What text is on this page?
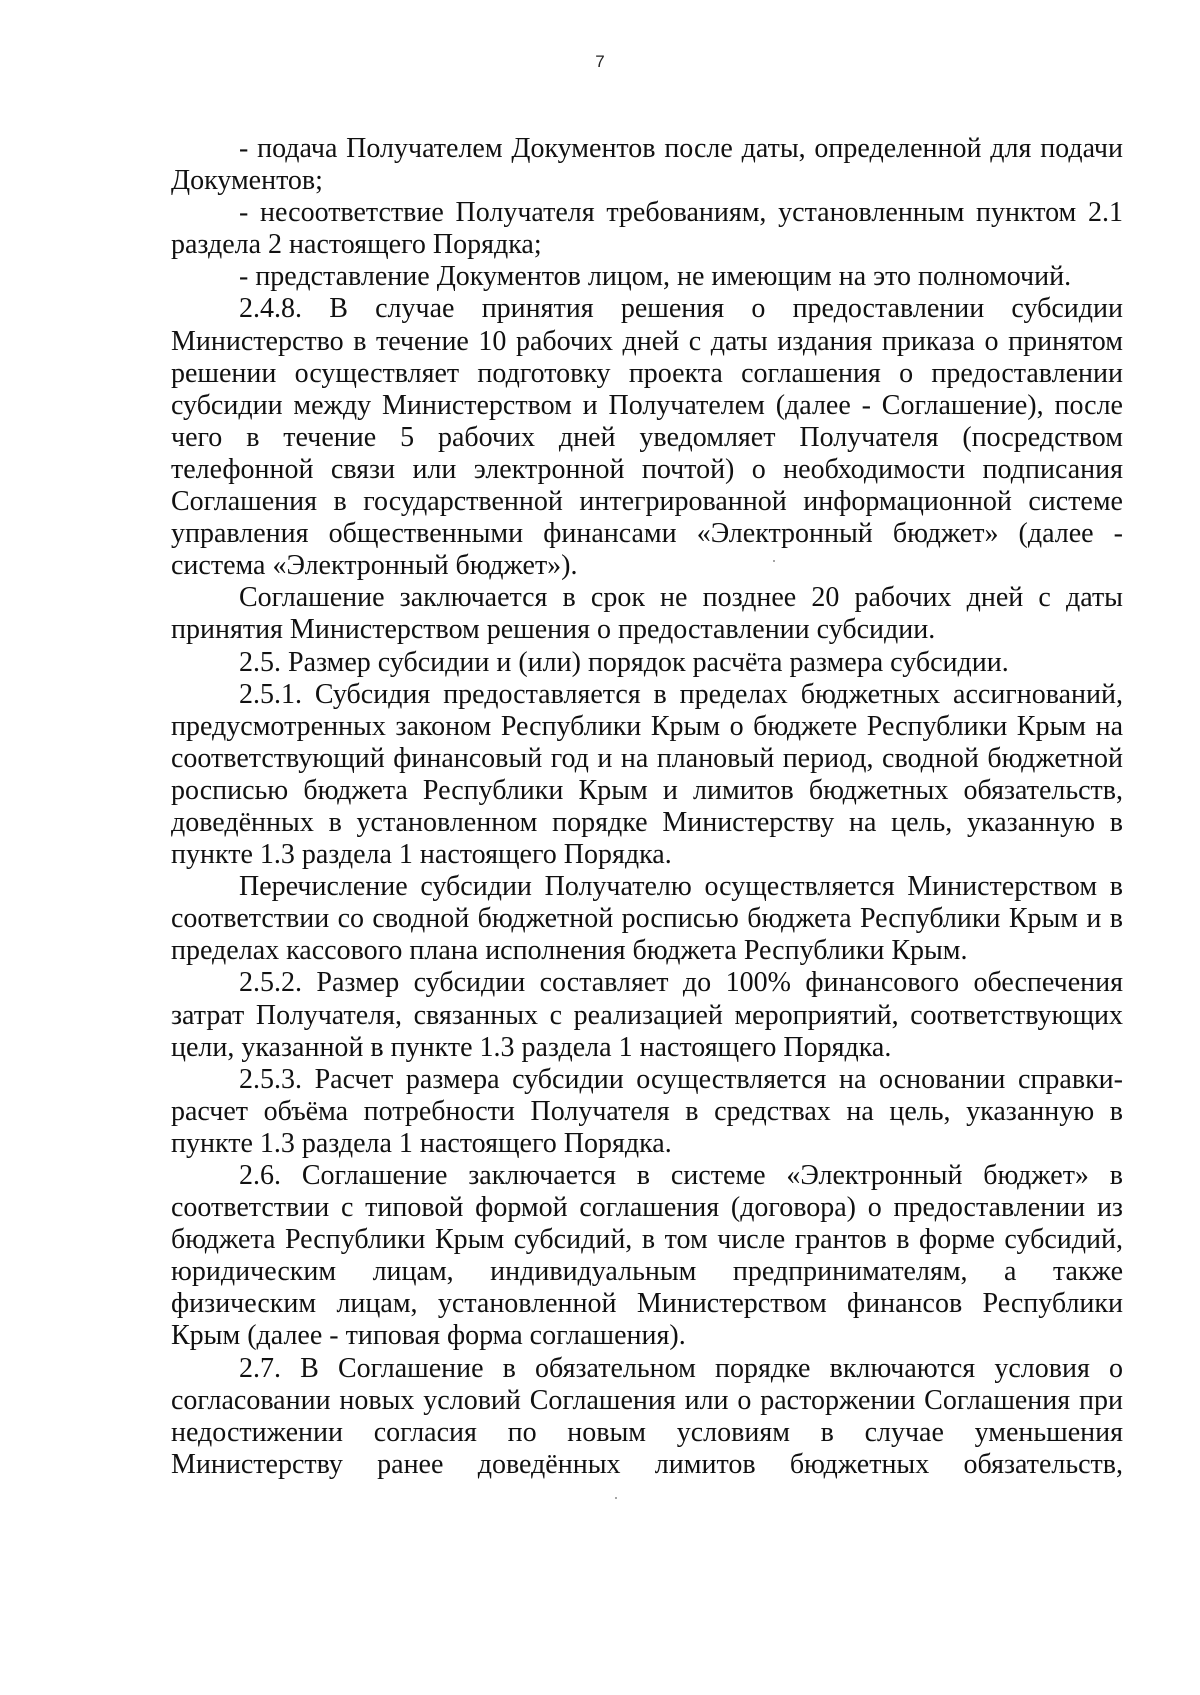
7

- подача Получателем Документов после даты, определенной для подачи Документов;

- несоответствие Получателя требованиям, установленным пунктом 2.1 раздела 2 настоящего Порядка;

- представление Документов лицом, не имеющим на это полномочий.

2.4.8. В случае принятия решения о предоставлении субсидии Министерство в течение 10 рабочих дней с даты издания приказа о принятом решении осуществляет подготовку проекта соглашения о предоставлении субсидии между Министерством и Получателем (далее - Соглашение), после чего в течение 5 рабочих дней уведомляет Получателя (посредством телефонной связи или электронной почтой) о необходимости подписания Соглашения в государственной интегрированной информационной системе управления общественными финансами «Электронный бюджет» (далее - система «Электронный бюджет»).

Соглашение заключается в срок не позднее 20 рабочих дней с даты принятия Министерством решения о предоставлении субсидии.

2.5. Размер субсидии и (или) порядок расчёта размера субсидии.

2.5.1. Субсидия предоставляется в пределах бюджетных ассигнований, предусмотренных законом Республики Крым о бюджете Республики Крым на соответствующий финансовый год и на плановый период, сводной бюджетной росписью бюджета Республики Крым и лимитов бюджетных обязательств, доведённых в установленном порядке Министерству на цель, указанную в пункте 1.3 раздела 1 настоящего Порядка.

Перечисление субсидии Получателю осуществляется Министерством в соответствии со сводной бюджетной росписью бюджета Республики Крым и в пределах кассового плана исполнения бюджета Республики Крым.

2.5.2. Размер субсидии составляет до 100% финансового обеспечения затрат Получателя, связанных с реализацией мероприятий, соответствующих цели, указанной в пункте 1.3 раздела 1 настоящего Порядка.

2.5.3. Расчет размера субсидии осуществляется на основании справки-расчет объёма потребности Получателя в средствах на цель, указанную в пункте 1.3 раздела 1 настоящего Порядка.

2.6. Соглашение заключается в системе «Электронный бюджет» в соответствии с типовой формой соглашения (договора) о предоставлении из бюджета Республики Крым субсидий, в том числе грантов в форме субсидий, юридическим лицам, индивидуальным предпринимателям, а также физическим лицам, установленной Министерством финансов Республики Крым (далее - типовая форма соглашения).

2.7. В Соглашение в обязательном порядке включаются условия о согласовании новых условий Соглашения или о расторжении Соглашения при недостижении согласия по новым условиям в случае уменьшения Министерству ранее доведённых лимитов бюджетных обязательств,
